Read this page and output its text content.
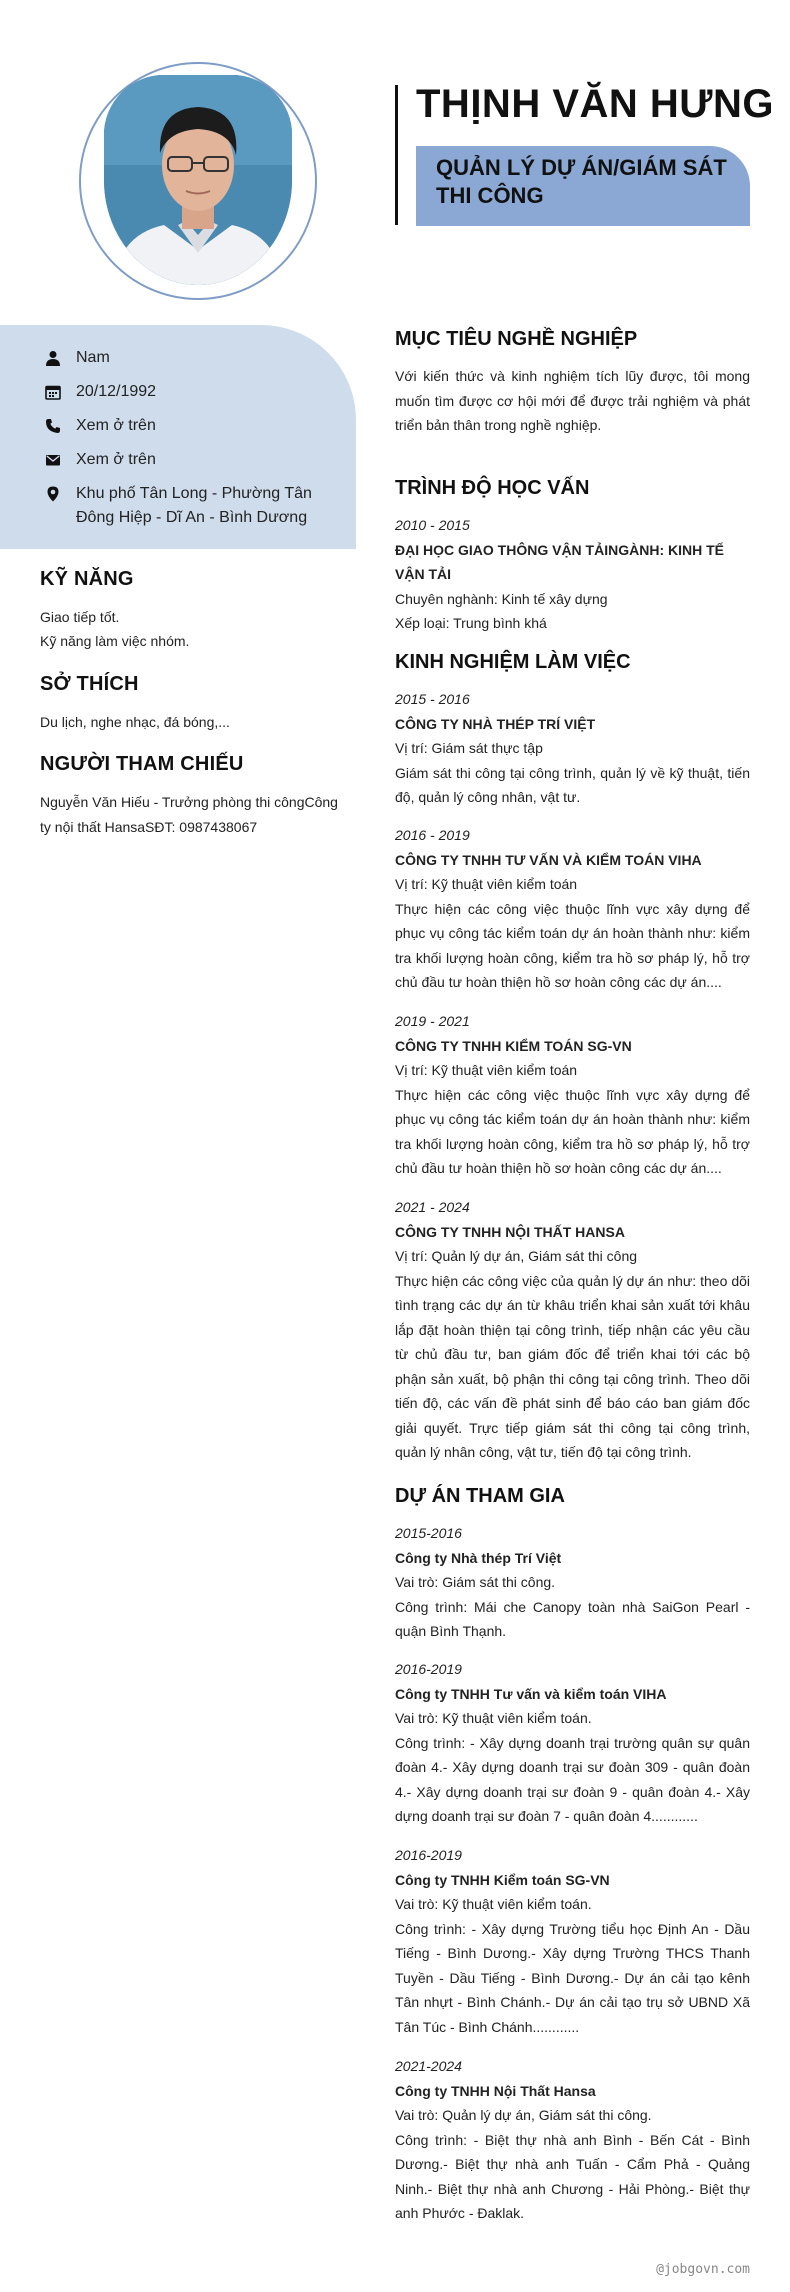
Nam
20/12/1992
Xem ở trên
Xem ở trên
Khu phố Tân Long - Phường Tân Đông Hiệp - Dĩ An - Bình Dương
KỸ NĂNG
Giao tiếp tốt.
Kỹ năng làm việc nhóm.
SỞ THÍCH
Du lịch, nghe nhạc, đá bóng,...
NGƯỜI THAM CHIẾU
Nguyễn Văn Hiếu - Trưởng phòng thi côngCông ty nội thất HansaSĐT: 0987438067
THỊNH VĂN HƯNG
QUẢN LÝ DỰ ÁN/GIÁM SÁT THI CÔNG
MỤC TIÊU NGHỀ NGHIỆP
Với kiến thức và kinh nghiệm tích lũy được, tôi mong muốn tìm được cơ hội mới để được trải nghiệm và phát triển bản thân trong nghề nghiệp.
TRÌNH ĐỘ HỌC VẤN
2010 - 2015
ĐẠI HỌC GIAO THÔNG VẬN TẢINGÀNH: KINH TẾ VẬN TẢI
Chuyên nghành: Kinh tế xây dựng
Xếp loại: Trung bình khá
KINH NGHIỆM LÀM VIỆC
2015 - 2016
CÔNG TY NHÀ THÉP TRÍ VIỆT
Vị trí: Giám sát thực tập
Giám sát thi công tại công trình, quản lý về kỹ thuật, tiến độ, quản lý công nhân, vật tư.
2016 - 2019
CÔNG TY TNHH TƯ VẤN VÀ KIỂM TOÁN VIHA
Vị trí: Kỹ thuật viên kiểm toán
Thực hiện các công việc thuộc lĩnh vực xây dựng để phục vụ công tác kiểm toán dự án hoàn thành như: kiểm tra khối lượng hoàn công, kiểm tra hồ sơ pháp lý, hỗ trợ chủ đầu tư hoàn thiện hồ sơ hoàn công các dự án....
2019 - 2021
CÔNG TY TNHH KIỂM TOÁN SG-VN
Vị trí: Kỹ thuật viên kiểm toán
Thực hiện các công việc thuộc lĩnh vực xây dựng để phục vụ công tác kiểm toán dự án hoàn thành như: kiểm tra khối lượng hoàn công, kiểm tra hồ sơ pháp lý, hỗ trợ chủ đầu tư hoàn thiện hồ sơ hoàn công các dự án....
2021 - 2024
CÔNG TY TNHH NỘI THẤT HANSA
Vị trí: Quản lý dự án, Giám sát thi công
Thực hiện các công việc của quản lý dự án như: theo dõi tình trạng các dự án từ khâu triển khai sản xuất tới khâu lắp đặt hoàn thiện tại công trình, tiếp nhận các yêu cầu từ chủ đầu tư, ban giám đốc để triển khai tới các bộ phận sản xuất, bộ phận thi công tại công trình. Theo dõi tiến độ, các vấn đề phát sinh để báo cáo ban giám đốc giải quyết. Trực tiếp giám sát thi công tại công trình, quản lý nhân công, vật tư, tiến độ tại công trình.
DỰ ÁN THAM GIA
2015-2016
Công ty Nhà thép Trí Việt
Vai trò: Giám sát thi công.
Công trình: Mái che Canopy toàn nhà SaiGon Pearl - quận Bình Thạnh.
2016-2019
Công ty TNHH Tư vấn và kiểm toán VIHA
Vai trò: Kỹ thuật viên kiểm toán.
Công trình: - Xây dựng doanh trại trường quân sự quân đoàn 4.- Xây dựng doanh trại sư đoàn 309 - quân đoàn 4.- Xây dựng doanh trại sư đoàn 9 - quân đoàn 4.- Xây dựng doanh trại sư đoàn 7 - quân đoàn 4............
2016-2019
Công ty TNHH Kiểm toán SG-VN
Vai trò: Kỹ thuật viên kiểm toán.
Công trình: - Xây dựng Trường tiểu học Định An - Dầu Tiếng - Bình Dương.- Xây dựng Trường THCS Thanh Tuyền - Dầu Tiếng - Bình Dương.- Dự án cải tạo kênh Tân nhựt - Bình Chánh.- Dự án cải tạo trụ sở UBND Xã Tân Túc - Bình Chánh............
2021-2024
Công ty TNHH Nội Thất Hansa
Vai trò: Quản lý dự án, Giám sát thi công.
Công trình: - Biệt thự nhà anh Bình - Bến Cát - Bình Dương.- Biệt thự nhà anh Tuấn - Cẩm Phả - Quảng Ninh.- Biệt thự nhà anh Chương - Hải Phòng.- Biệt thự anh Phước - Đaklak.
@jobgovn.com
